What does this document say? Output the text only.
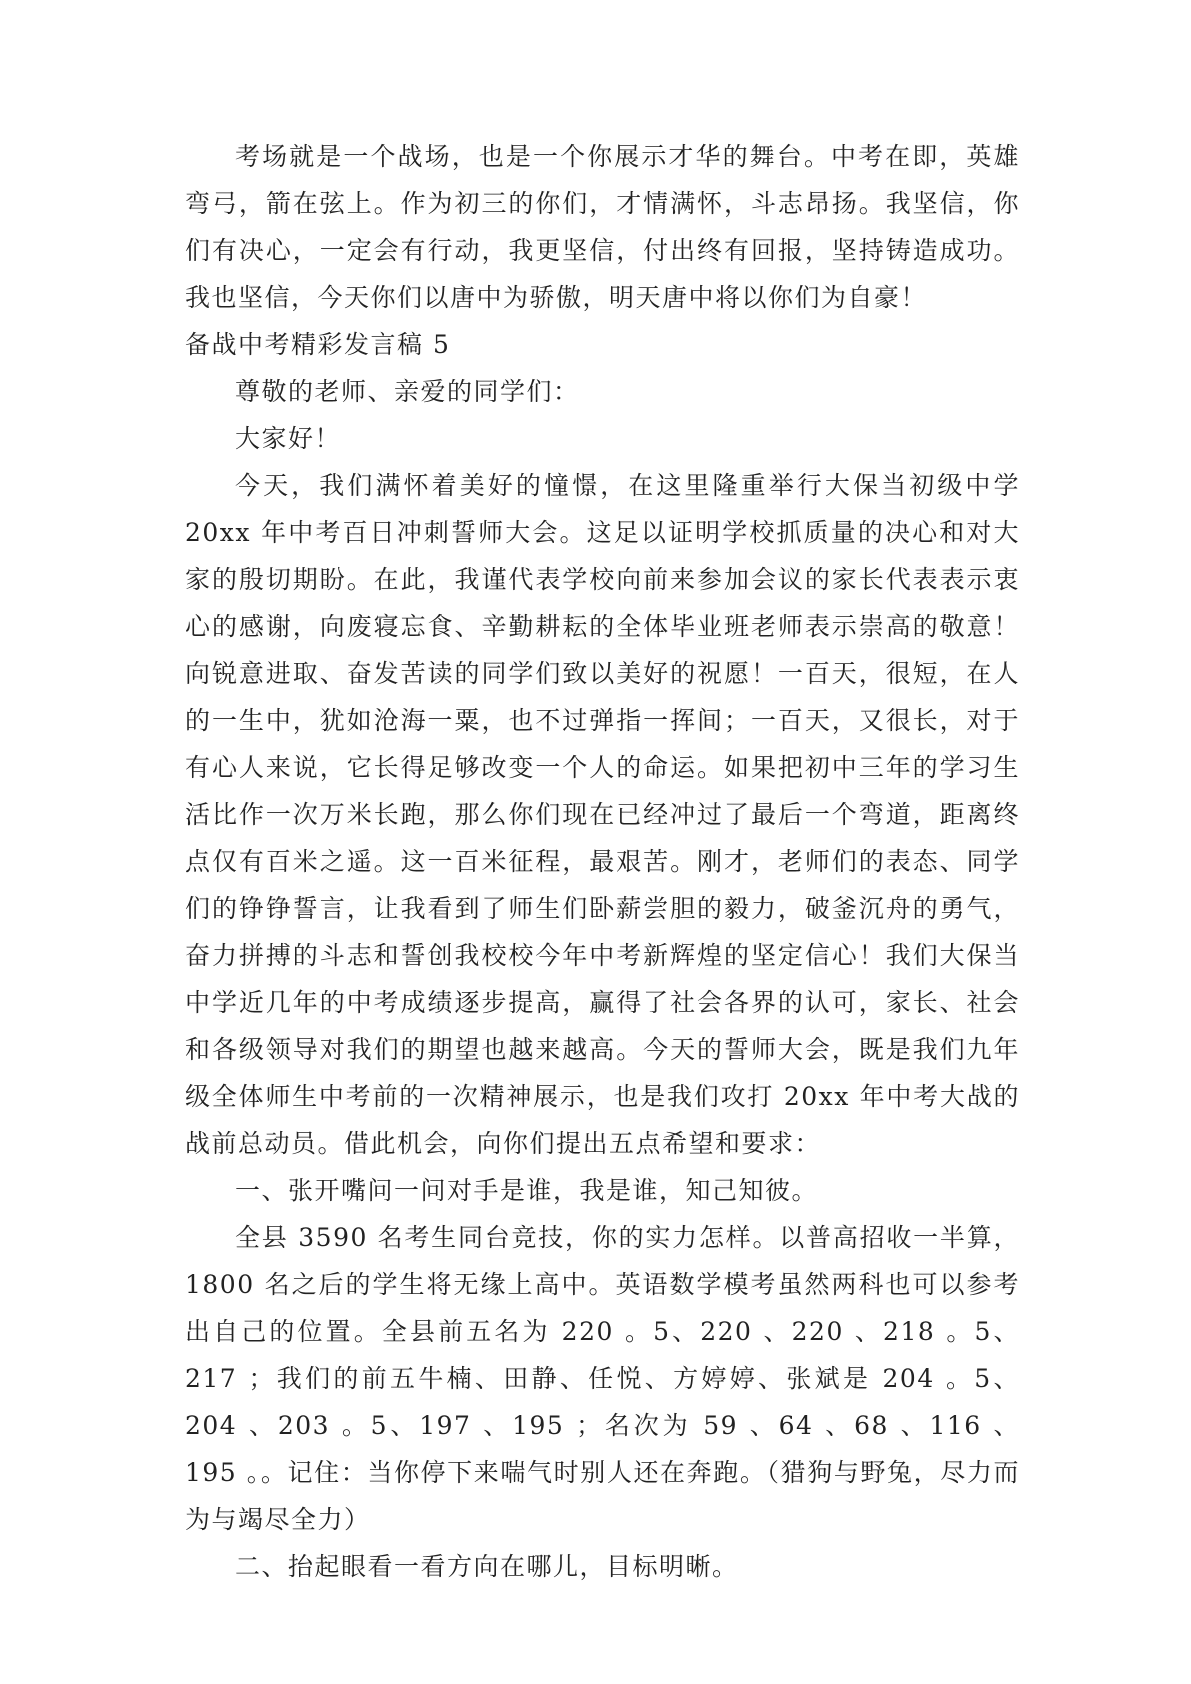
考场就是一个战场，也是一个你展示才华的舞台。中考在即，英雄弯弓，箭在弦上。作为初三的你们，才情满怀，斗志昂扬。我坚信，你们有决心，一定会有行动，我更坚信，付出终有回报，坚持铸造成功。我也坚信，今天你们以唐中为骄傲，明天唐中将以你们为自豪！

备战中考精彩发言稿 5

尊敬的老师、亲爱的同学们：

大家好！

今天，我们满怀着美好的憧憬，在这里隆重举行大保当初级中学 20xx 年中考百日冲刺誓师大会。这足以证明学校抓质量的决心和对大家的殷切期盼。在此，我谨代表学校向前来参加会议的家长代表表示衷心的感谢，向废寝忘食、辛勤耕耘的全体毕业班老师表示崇高的敬意！向锐意进取、奋发苦读的同学们致以美好的祝愿！一百天，很短，在人的一生中，犹如沧海一粟，也不过弹指一挥间；一百天，又很长，对于有心人来说，它长得足够改变一个人的命运。如果把初中三年的学习生活比作一次万米长跑，那么你们现在已经冲过了最后一个弯道，距离终点仅有百米之遥。这一百米征程，最艰苦。刚才，老师们的表态、同学们的铮铮誓言，让我看到了师生们卧薪尝胆的毅力，破釜沉舟的勇气，奋力拼搏的斗志和誓创我校校今年中考新辉煌的坚定信心！我们大保当中学近几年的中考成绩逐步提高，赢得了社会各界的认可，家长、社会和各级领导对我们的期望也越来越高。今天的誓师大会，既是我们九年级全体师生中考前的一次精神展示，也是我们攻打 20xx 年中考大战的战前总动员。借此机会，向你们提出五点希望和要求：

一、张开嘴问一问对手是谁，我是谁，知己知彼。

全县 3590 名考生同台竞技，你的实力怎样。以普高招收一半算，1800 名之后的学生将无缘上高中。英语数学模考虽然两科也可以参考出自己的位置。全县前五名为 220 。5、220 、220 、218 。5、217 ；我们的前五牛楠、田静、任悦、方婷婷、张斌是 204 。5、204 、203 。5、197 、195 ；名次为 59 、64 、68 、116 、195 。。记住：当你停下来喘气时别人还在奔跑。（猎狗与野兔，尽力而为与竭尽全力）

二、抬起眼看一看方向在哪儿，目标明晰。
